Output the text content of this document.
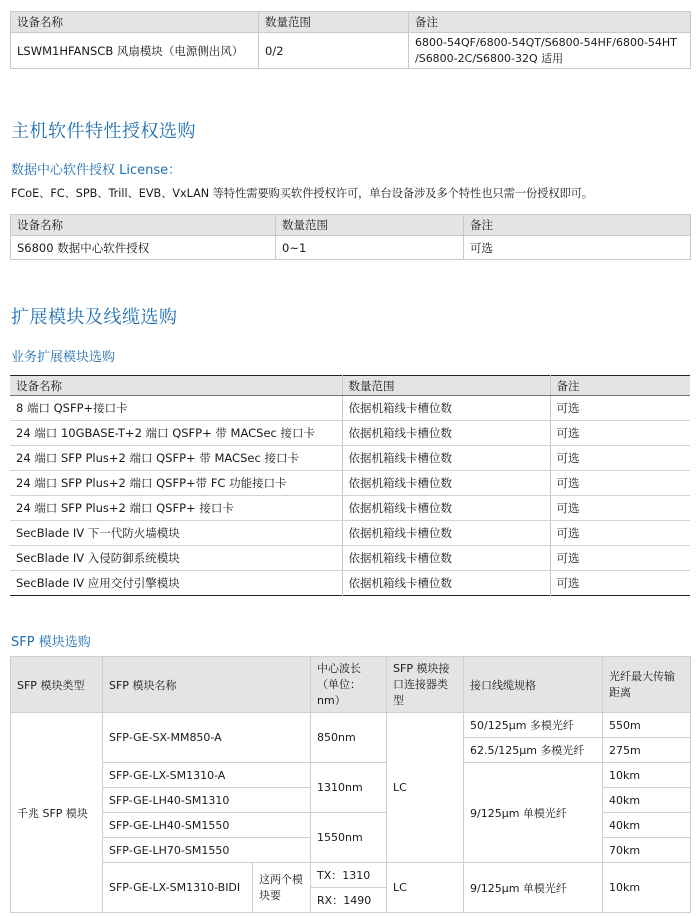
设备名称	数量范围	备注
LSWM1HFANSCB 风扇模块（电源侧出风）	0/2	6800-54QF/6800-54QT/S6800-54HF/6800-54HT
/S6800-2C/S6800-32Q 适用
主机软件特性授权选购
数据中心软件授权 License：

FCoE、FC、SPB、Trill、EVB、VxLAN 等特性需要购买软件授权许可，单台设备涉及多个特性也只需一份授权即可。

设备名称	数量范围	备注
S6800 数据中心软件授权	0~1	可选
扩展模块及线缆选购
业务扩展模块选购
设备名称	数量范围	备注
8 端口 QSFP+接口卡	依据机箱线卡槽位数	可选
24 端口 10GBASE-T+2 端口 QSFP+ 带 MACSec 接口卡	依据机箱线卡槽位数	可选
24 端口 SFP Plus+2 端口 QSFP+ 带 MACSec 接口卡	依据机箱线卡槽位数	可选
24 端口 SFP Plus+2 端口 QSFP+带 FC 功能接口卡	依据机箱线卡槽位数	可选
24 端口 SFP Plus+2 端口 QSFP+ 接口卡	依据机箱线卡槽位数	可选
SecBlade IV 下一代防火墙模块	依据机箱线卡槽位数	可选
SecBlade IV 入侵防御系统模块	依据机箱线卡槽位数	可选
SecBlade IV 应用交付引擎模块	依据机箱线卡槽位数	可选
SFP 模块选购
SFP 模块类型	SFP 模块名称		中心波长（单位：nm）	SFP 模块接口连接器类型	接口线缆规格	光纤最大传输距离
千兆 SFP 模块	SFP-GE-SX-MM850-A		850nm	LC	50/125μm 多模光纤	550m
					62.5/125μm 多模光纤	275m
	SFP-GE-LX-SM1310-A		1310nm		9/125μm 单模光纤	10km
	SFP-GE-LH40-SM1310					40km
	SFP-GE-LH40-SM1550		1550nm			40km
	SFP-GE-LH70-SM1550					70km
	SFP-GE-LX-SM1310-BIDI	这两个模块要	TX：1310	LC	9/125μm 单模光纤	10km
			RX：1490			
